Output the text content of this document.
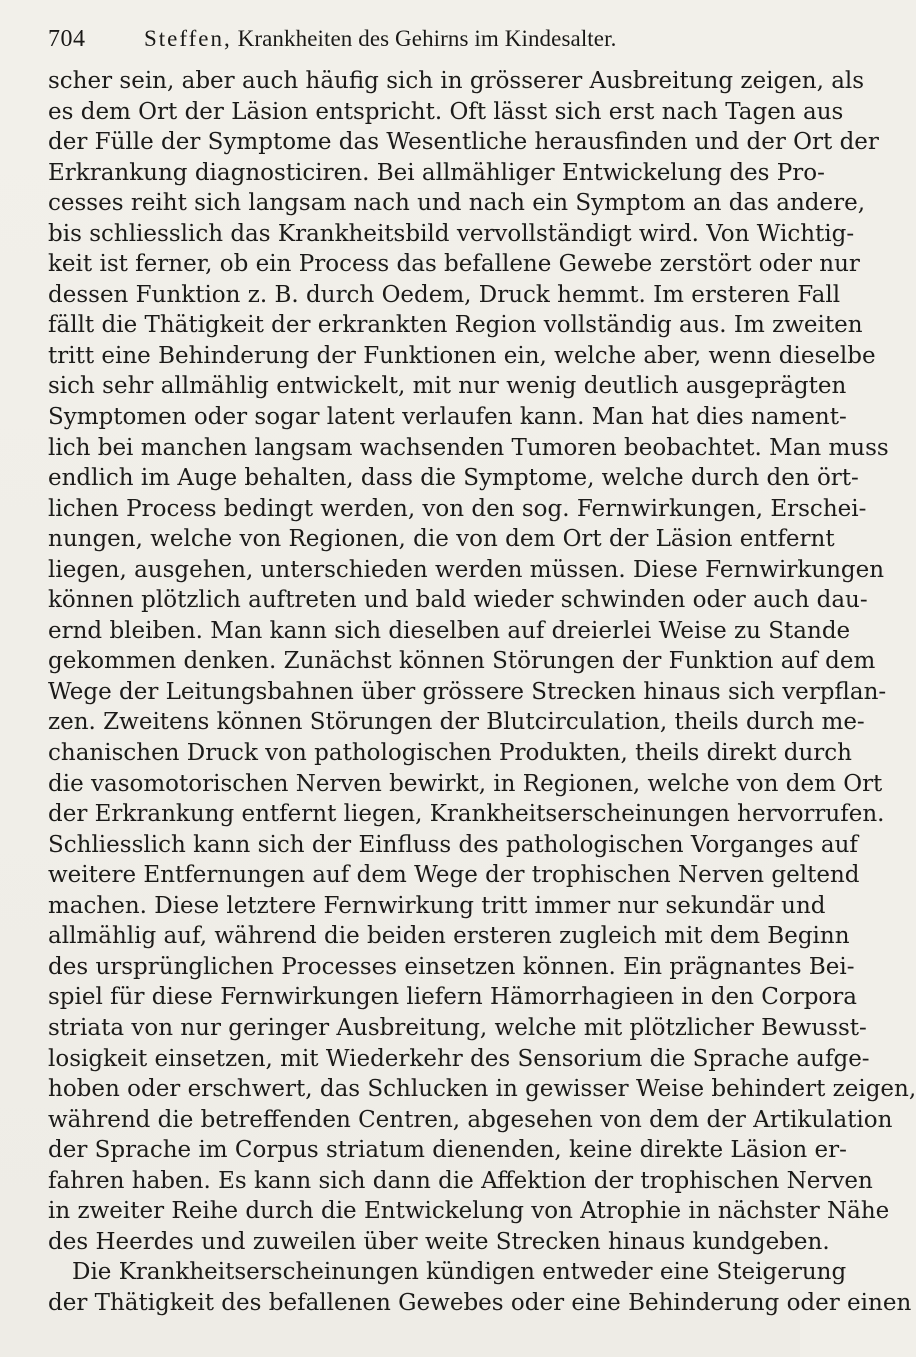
704	Steffen, Krankheiten des Gehirns im Kindesalter.
scher sein, aber auch häufig sich in grösserer Ausbreitung zeigen, als
es dem Ort der Läsion entspricht. Oft lässt sich erst nach Tagen aus
der Fülle der Symptome das Wesentliche herausfinden und der Ort der
Erkrankung diagnosticiren. Bei allmähliger Entwickelung des Pro-
cesses reiht sich langsam nach und nach ein Symptom an das andere,
bis schliesslich das Krankheitsbild vervollständigt wird. Von Wichtig-
keit ist ferner, ob ein Process das befallene Gewebe zerstört oder nur
dessen Funktion z. B. durch Oedem, Druck hemmt. Im ersteren Fall
fällt die Thätigkeit der erkrankten Region vollständig aus. Im zweiten
tritt eine Behinderung der Funktionen ein, welche aber, wenn dieselbe
sich sehr allmählig entwickelt, mit nur wenig deutlich ausgeprägten
Symptomen oder sogar latent verlaufen kann. Man hat dies nament-
lich bei manchen langsam wachsenden Tumoren beobachtet. Man muss
endlich im Auge behalten, dass die Symptome, welche durch den ört-
lichen Process bedingt werden, von den sog. Fernwirkungen, Erschei-
nungen, welche von Regionen, die von dem Ort der Läsion entfernt
liegen, ausgehen, unterschieden werden müssen. Diese Fernwirkungen
können plötzlich auftreten und bald wieder schwinden oder auch dau-
ernd bleiben. Man kann sich dieselben auf dreierlei Weise zu Stande
gekommen denken. Zunächst können Störungen der Funktion auf dem
Wege der Leitungsbahnen über grössere Strecken hinaus sich verpflan-
zen. Zweitens können Störungen der Blutcirculation, theils durch me-
chanischen Druck von pathologischen Produkten, theils direkt durch
die vasomotorischen Nerven bewirkt, in Regionen, welche von dem Ort
der Erkrankung entfernt liegen, Krankheitserscheinungen hervorrufen.
Schliesslich kann sich der Einfluss des pathologischen Vorganges auf
weitere Entfernungen auf dem Wege der trophischen Nerven geltend
machen. Diese letztere Fernwirkung tritt immer nur sekundär und
allmählig auf, während die beiden ersteren zugleich mit dem Beginn
des ursprünglichen Processes einsetzen können. Ein prägnantes Bei-
spiel für diese Fernwirkungen liefern Hämorrhagieen in den Corpora
striata von nur geringer Ausbreitung, welche mit plötzlicher Bewusst-
losigkeit einsetzen, mit Wiederkehr des Sensorium die Sprache aufge-
hoben oder erschwert, das Schlucken in gewisser Weise behindert zeigen,
während die betreffenden Centren, abgesehen von dem der Artikulation
der Sprache im Corpus striatum dienenden, keine direkte Läsion er-
fahren haben. Es kann sich dann die Affektion der trophischen Nerven
in zweiter Reihe durch die Entwickelung von Atrophie in nächster Nähe
des Heerdes und zuweilen über weite Strecken hinaus kundgeben.
Die Krankheitserscheinungen kündigen entweder eine Steigerung
der Thätigkeit des befallenen Gewebes oder eine Behinderung oder einen
